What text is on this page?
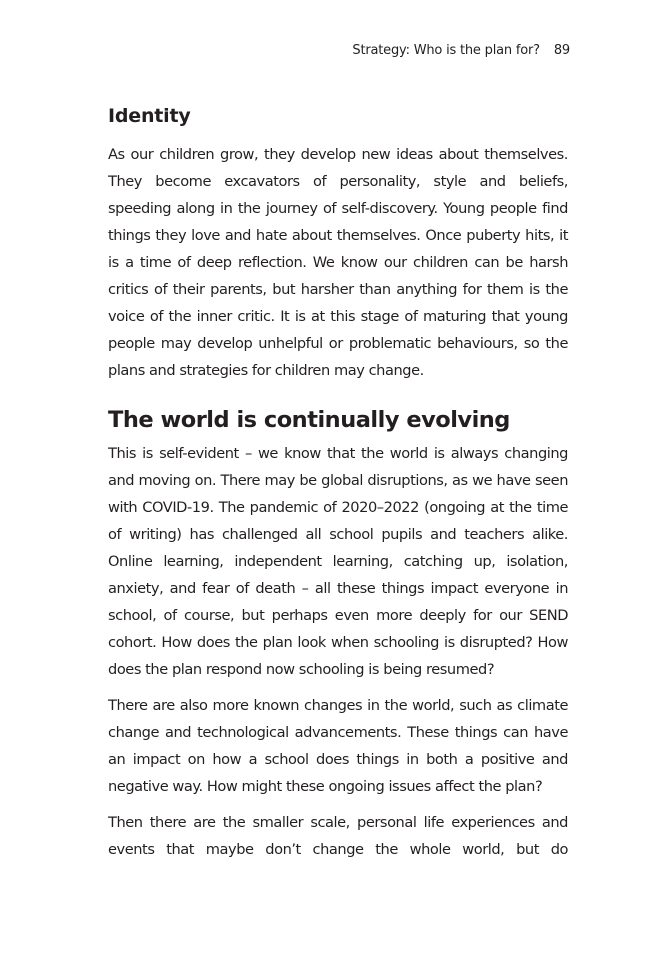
Strategy: Who is the plan for? 89
Identity

As our children grow, they develop new ideas about themselves. They become excavators of personality, style and beliefs, speeding along in the journey of self-discovery. Young people find things they love and hate about themselves. Once puberty hits, it is a time of deep reflection. We know our children can be harsh critics of their parents, but harsher than anything for them is the voice of the inner critic. It is at this stage of maturing that young people may develop unhelpful or problematic behaviours, so the plans and strategies for children may change.

The world is continually evolving

This is self-evident – we know that the world is always changing and moving on. There may be global disruptions, as we have seen with COVID-19. The pandemic of 2020–2022 (ongoing at the time of writing) has challenged all school pupils and teachers alike. Online learning, independent learning, catching up, isolation, anxiety, and fear of death – all these things impact everyone in school, of course, but perhaps even more deeply for our SEND cohort. How does the plan look when schooling is disrupted? How does the plan respond now schooling is being resumed?

There are also more known changes in the world, such as climate change and technological advancements. These things can have an impact on how a school does things in both a positive and negative way. How might these ongoing issues affect the plan?

Then there are the smaller scale, personal life experiences and events that maybe don’t change the whole world, but do
